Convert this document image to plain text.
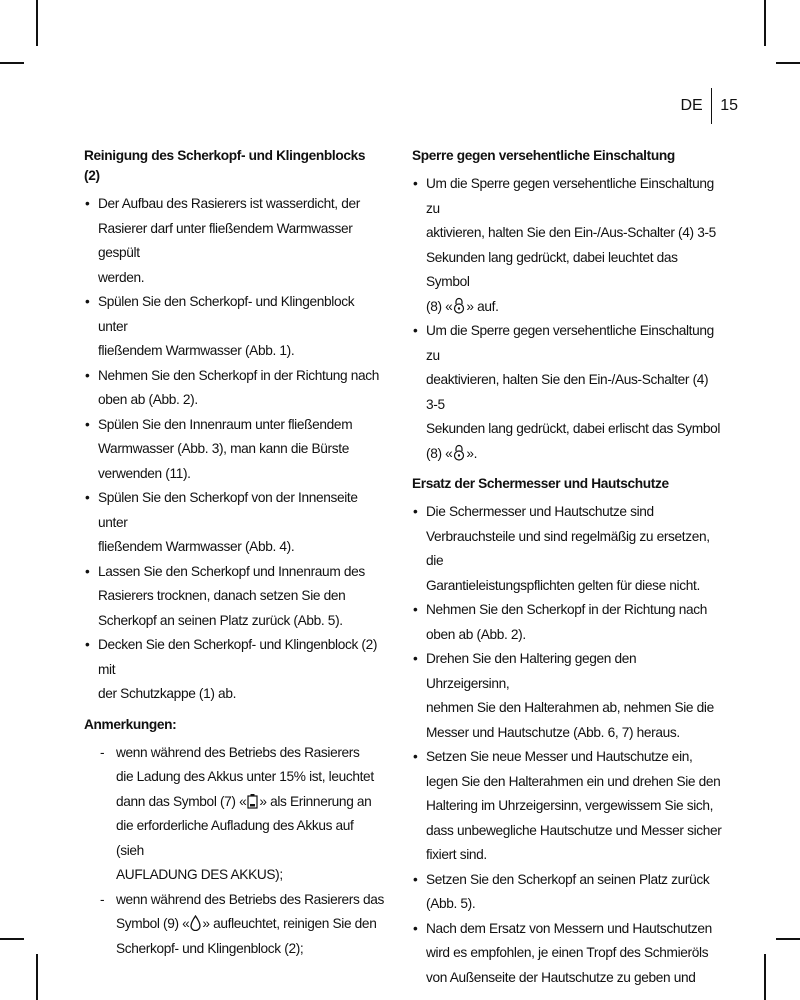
DE 15
Reinigung des Scherkopf- und Klingenblocks (2)
• Der Aufbau des Rasierers ist wasserdicht, der
Rasierer darf unter fließendem Warmwasser gespült
werden.
• Spülen Sie den Scherkopf- und Klingenblock unter
fließendem Warmwasser (Abb. 1).
• Nehmen Sie den Scherkopf in der Richtung nach
oben ab (Abb. 2).
• Spülen Sie den Innenraum unter fließendem
Warmwasser (Abb. 3), man kann die Bürste
verwenden (11).
• Spülen Sie den Scherkopf von der Innenseite unter
fließendem Warmwasser (Abb. 4).
• Lassen Sie den Scherkopf und Innenraum des
Rasierers trocknen, danach setzen Sie den
Scherkopf an seinen Platz zurück (Abb. 5).
• Decken Sie den Scherkopf- und Klingenblock (2) mit
der Schutzkappe (1) ab.
Anmerkungen:
- wenn während des Betriebs des Rasierers
die Ladung des Akkus unter 15% ist, leuchtet
dann das Symbol (7) « » als Erinnerung an
die erforderliche Aufladung des Akkus auf (sieh
AUFLADUNG DES AKKUS);
- wenn während des Betriebs des Rasierers das
Symbol (9) « » aufleuchtet, reinigen Sie den
Scherkopf- und Klingenblock (2);
Sperre gegen versehentliche Einschaltung
• Um die Sperre gegen versehentliche Einschaltung zu
aktivieren, halten Sie den Ein-/Aus-Schalter (4) 3-5
Sekunden lang gedrückt, dabei leuchtet das Symbol
(8) « » auf.
• Um die Sperre gegen versehentliche Einschaltung zu
deaktivieren, halten Sie den Ein-/Aus-Schalter (4) 3-5
Sekunden lang gedrückt, dabei erlischt das Symbol
(8) « ».
Ersatz der Schermesser und Hautschutze
• Die Schermesser und Hautschutze sind
Verbrauchsteile und sind regelmäßig zu ersetzen, die
Garantieleistungspflichten gelten für diese nicht.
• Nehmen Sie den Scherkopf in der Richtung nach
oben ab (Abb. 2).
• Drehen Sie den Haltering gegen den Uhrzeigersinn,
nehmen Sie den Halterahmen ab, nehmen Sie die
Messer und Hautschutze (Abb. 6, 7) heraus.
• Setzen Sie neue Messer und Hautschutze ein,
legen Sie den Halterahmen ein und drehen Sie den
Haltering im Uhrzeigersinn, vergewissem Sie sich,
dass unbewegliche Hautschutze und Messer sicher
fixiert sind.
• Setzen Sie den Scherkopf an seinen Platz zurück
(Abb. 5).
• Nach dem Ersatz von Messern und Hautschutzen
wird es empfohlen, je einen Tropf des Schmieröls
von Außenseite der Hautschutze zu geben und
